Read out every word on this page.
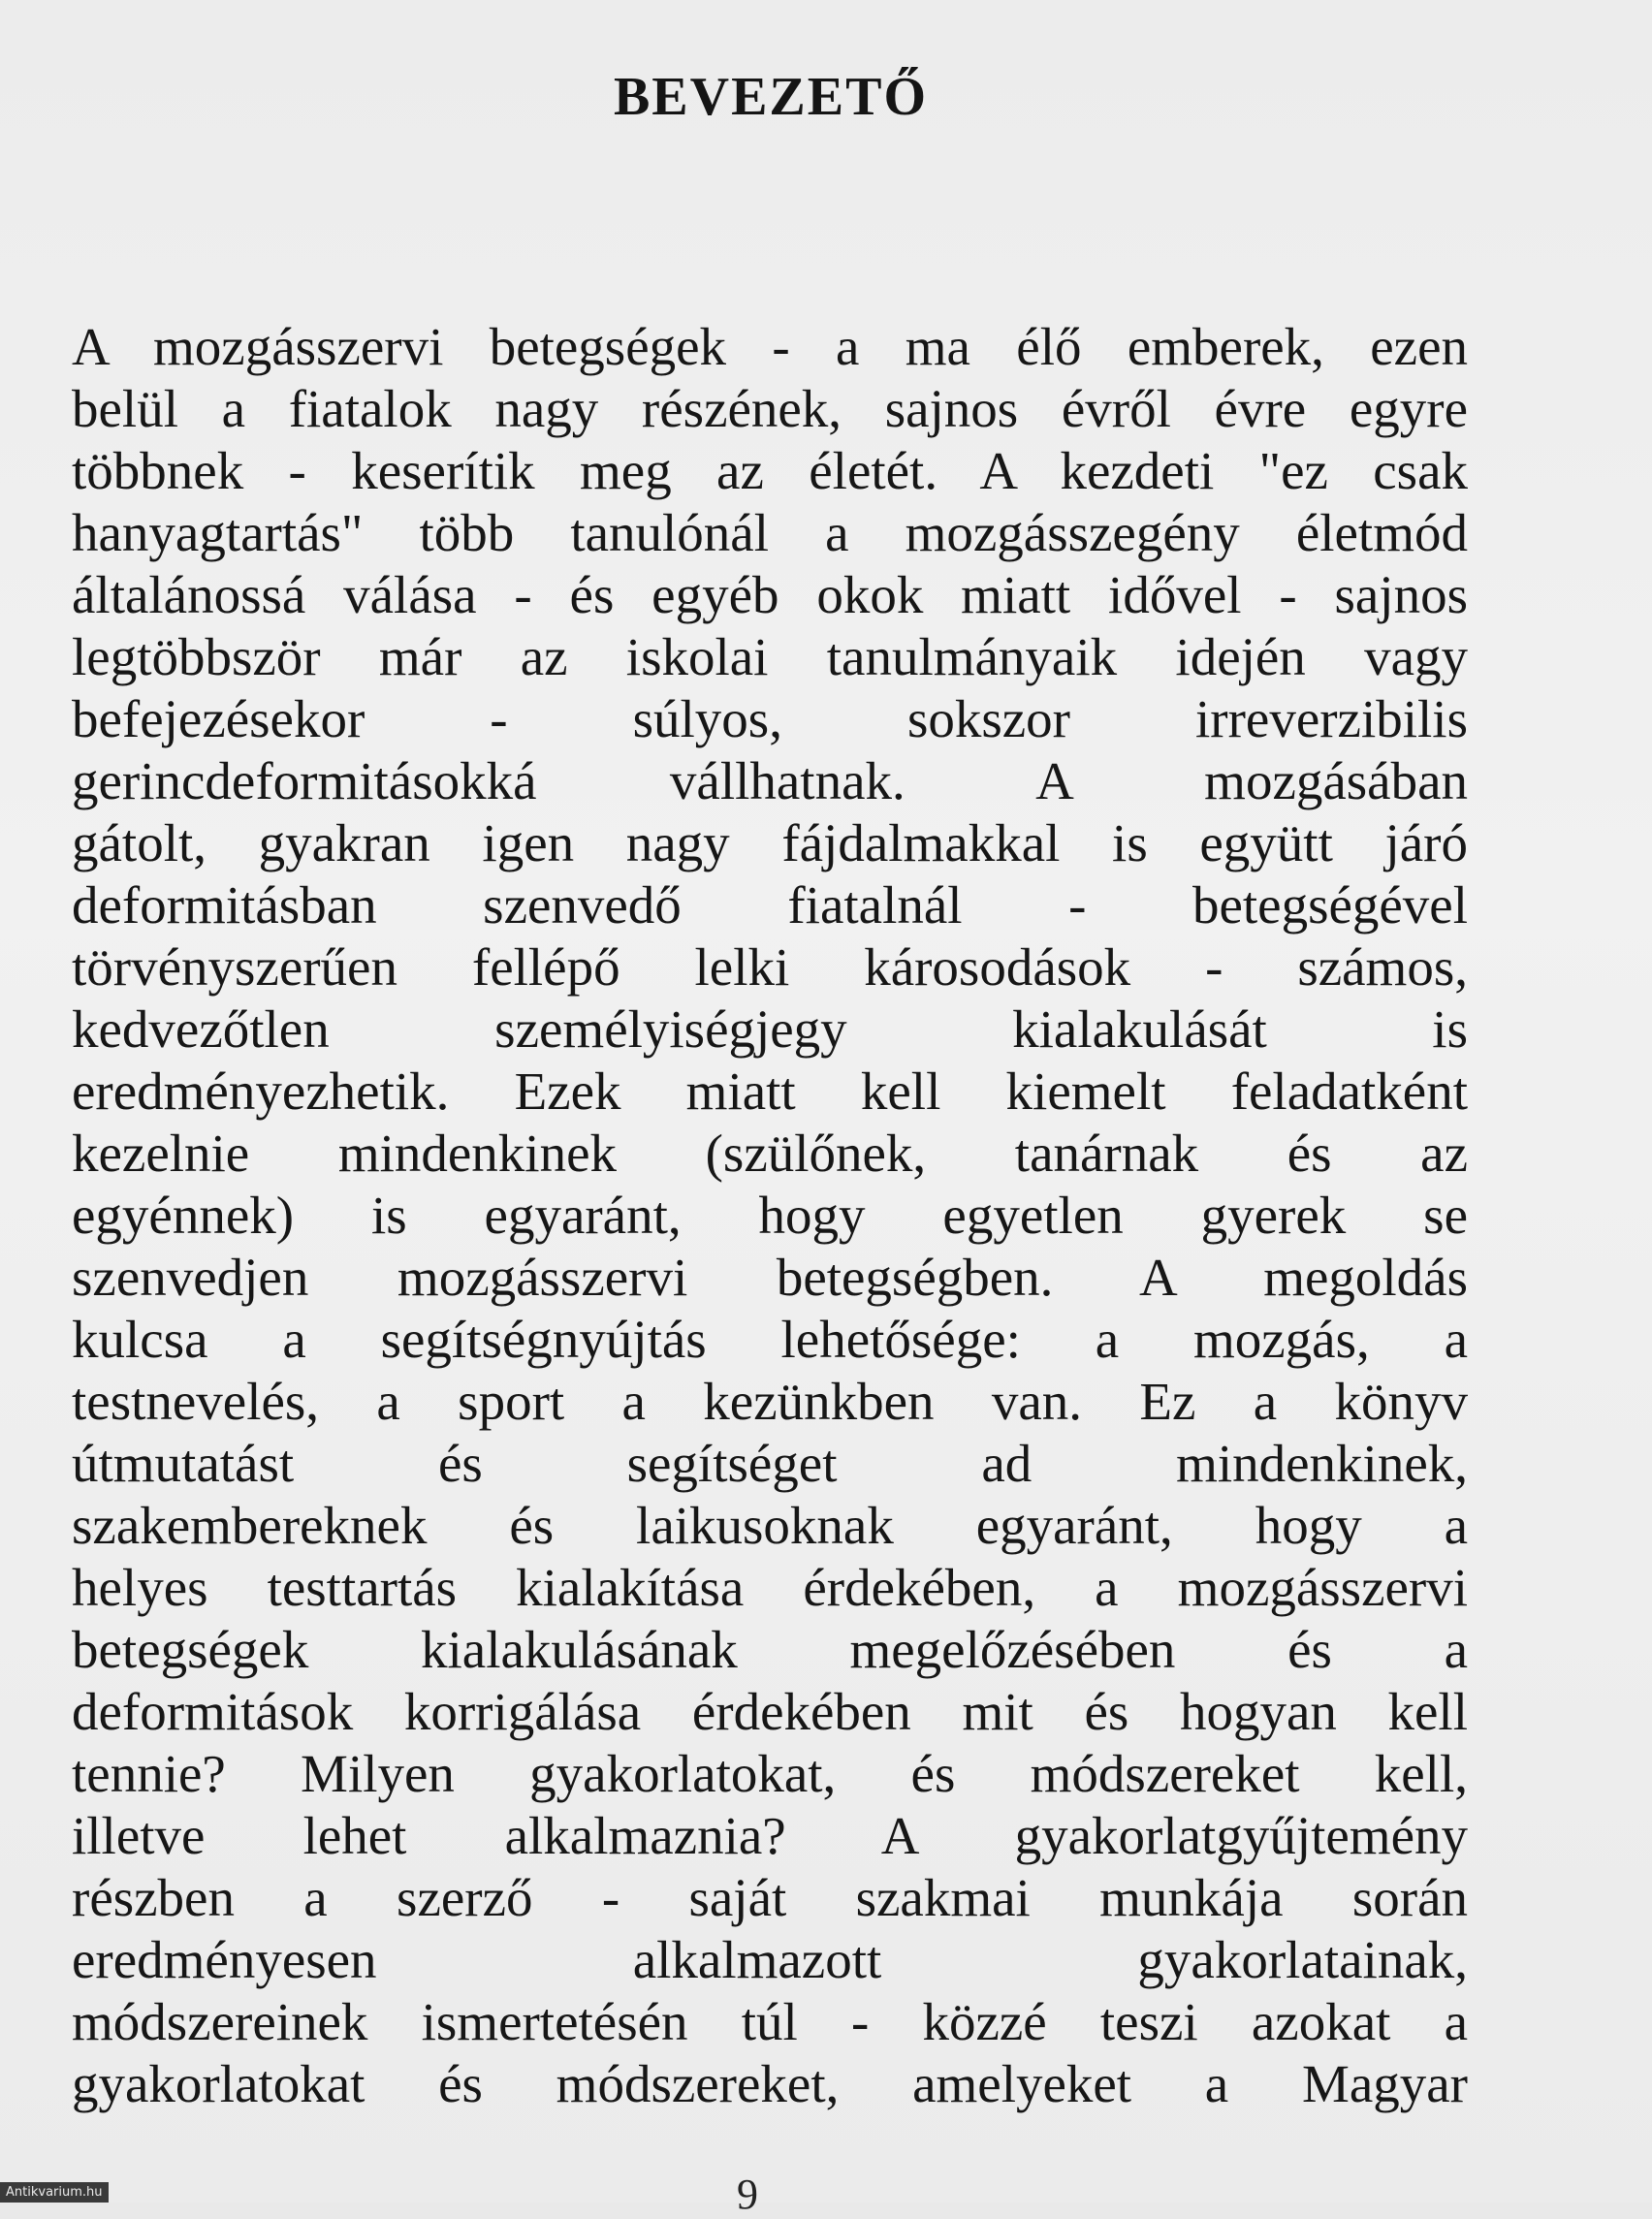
BEVEZETŐ
A mozgásszervi betegségek - a ma élő emberek, ezen
belül a fiatalok nagy részének, sajnos évről évre egyre
többnek - keserítik meg az életét. A kezdeti "ez csak
hanyagtartás" több tanulónál a mozgásszegény életmód
általánossá válása - és egyéb okok miatt idővel - sajnos
legtöbbször már az iskolai tanulmányaik idején vagy
befejezésekor - súlyos, sokszor irreverzibilis
gerincdeformitásokká vállhatnak. A mozgásában
gátolt, gyakran igen nagy fájdalmakkal is együtt járó
deformitásban szenvedő fiatalnál - betegségével
törvényszerűen fellépő lelki károsodások - számos,
kedvezőtlen személyiségjegy kialakulását is
eredményezhetik. Ezek miatt kell kiemelt feladatként
kezelnie mindenkinek (szülőnek, tanárnak és az
egyénnek) is egyaránt, hogy egyetlen gyerek se
szenvedjen mozgásszervi betegségben. A megoldás
kulcsa a segítségnyújtás lehetősége: a mozgás, a
testnevelés, a sport a kezünkben van. Ez a könyv
útmutatást és segítséget ad mindenkinek,
szakembereknek és laikusoknak egyaránt, hogy a
helyes testtartás kialakítása érdekében, a mozgásszervi
betegségek kialakulásának megelőzésében és a
deformitások korrigálása érdekében mit és hogyan kell
tennie? Milyen gyakorlatokat, és módszereket kell,
illetve lehet alkalmaznia? A gyakorlatgyűjtemény
részben a szerző - saját szakmai munkája során
eredményesen alkalmazott gyakorlatainak,
módszereinek ismertetésén túl - közzé teszi azokat a
gyakorlatokat és módszereket, amelyeket a Magyar
9
Antikvarium.hu
